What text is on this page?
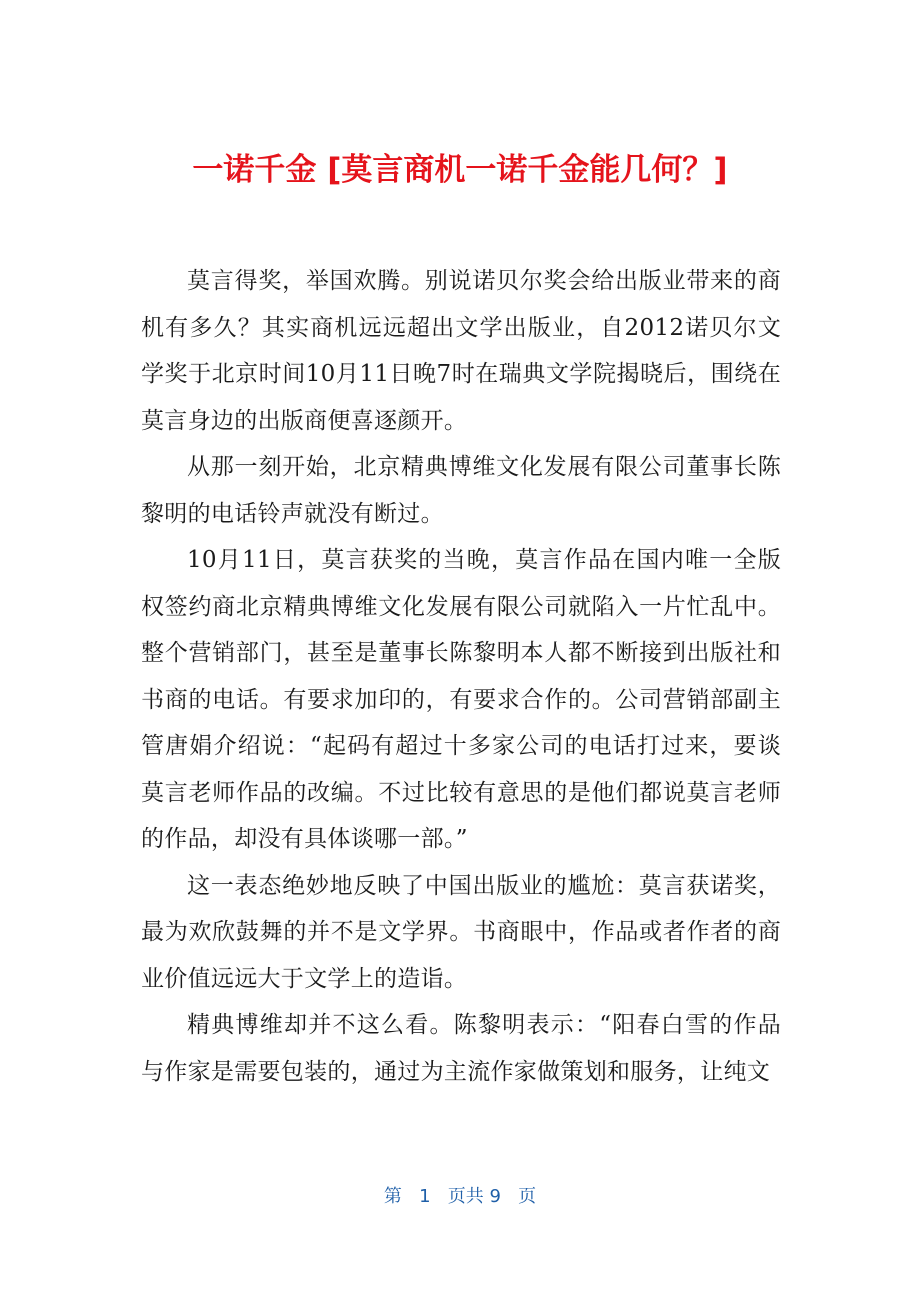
一诺千金 [莫言商机一诺千金能几何？]

莫言得奖，举国欢腾。别说诺贝尔奖会给出版业带来的商机有多久？其实商机远远超出文学出版业，自2012诺贝尔文学奖于北京时间10月11日晚7时在瑞典文学院揭晓后，围绕在莫言身边的出版商便喜逐颜开。

从那一刻开始，北京精典博维文化发展有限公司董事长陈黎明的电话铃声就没有断过。

10月11日，莫言获奖的当晚，莫言作品在国内唯一全版权签约商北京精典博维文化发展有限公司就陷入一片忙乱中。整个营销部门，甚至是董事长陈黎明本人都不断接到出版社和书商的电话。有要求加印的，有要求合作的。公司营销部副主管唐娟介绍说：“起码有超过十多家公司的电话打过来，要谈莫言老师作品的改编。不过比较有意思的是他们都说莫言老师的作品，却没有具体谈哪一部。”

这一表态绝妙地反映了中国出版业的尴尬：莫言获诺奖，最为欢欣鼓舞的并不是文学界。书商眼中，作品或者作者的商业价值远远大于文学上的造诣。

精典博维却并不这么看。陈黎明表示：“阳春白雪的作品与作家是需要包装的，通过为主流作家做策划和服务，让纯文

第 1 页共 9 页
